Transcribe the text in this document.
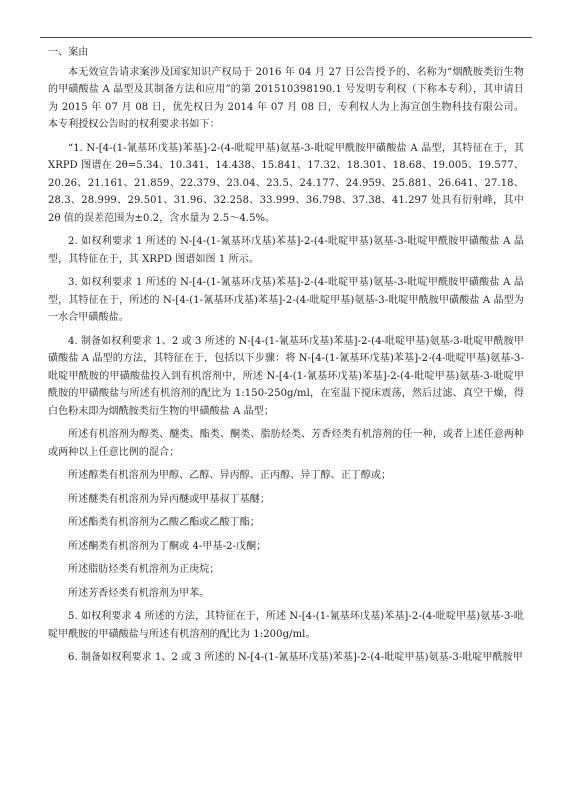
一、案由

本无效宣告请求案涉及国家知识产权局于 2016 年 04 月 27 日公告授予的、名称为“烟酰胺类衍生物的甲磺酸盐 A 晶型及其制备方法和应用”的第 201510398190.1 号发明专利权（下称本专利），其申请日为 2015 年 07 月 08 日，优先权日为 2014 年 07 月 08 日，专利权人为上海宣创生物科技有限公司。本专利授权公告时的权利要求书如下：

“1. N-[4-(1-氰基环戊基)苯基]-2-(4-吡啶甲基)氨基-3-吡啶甲酰胺甲磺酸盐 A 晶型，其特征在于，其 XRPD 图谱在 2θ=5.34、10.341、14.438、15.841、17.32、18.301、18.68、19.005、19.577、20.26、21.161、21.859、22.379、23.04、23.5、24.177、24.959、25.881、26.641、27.18、28.3、28.999、29.501、31.96、32.258、33.999、36.798、37.38、41.297 处具有衍射峰，其中 2θ 值的误差范围为±0.2，含水量为 2.5～4.5%。

2. 如权利要求 1 所述的 N-[4-(1-氰基环戊基)苯基]-2-(4-吡啶甲基)氨基-3-吡啶甲酰胺甲磺酸盐 A 晶型，其特征在于，其 XRPD 图谱如图 1 所示。

3. 如权利要求 1 所述的 N-[4-(1-氰基环戊基)苯基]-2-(4-吡啶甲基)氨基-3-吡啶甲酰胺甲磺酸盐 A 晶型，其特征在于，所述的 N-[4-(1-氰基环戊基)苯基]-2-(4-吡啶甲基)氨基-3-吡啶甲酰胺甲磺酸盐 A 晶型为一水合甲磺酸盐。

4. 制备如权利要求 1、2 或 3 所述的 N-[4-(1-氰基环戊基)苯基]-2-(4-吡啶甲基)氨基-3-吡啶甲酰胺甲磺酸盐 A 晶型的方法，其特征在于，包括以下步骤：将 N-[4-(1-氰基环戊基)苯基]-2-(4-吡啶甲基)氨基-3-吡啶甲酰胺的甲磺酸盐投入到有机溶剂中，所述 N-[4-(1-氰基环戊基)苯基]-2-(4-吡啶甲基)氨基-3-吡啶甲酰胺的甲磺酸盐与所述有机溶剂的配比为 1:150-250g/ml，在室温下搅床震荡，然后过滤、真空干燥，得白色粉末即为烟酰胺类衍生物的甲磺酸盐 A 晶型；

所述有机溶剂为醇类、醚类、酯类、酮类、脂肪烃类、芳香烃类有机溶剂的任一种，或者上述任意两种或两种以上任意比例的混合；

所述醇类有机溶剂为甲醇、乙醇、异丙醇、正丙醇、异丁醇、正丁醇或；

所述醚类有机溶剂为异丙醚或甲基叔丁基醚；

所述酯类有机溶剂为乙酸乙酯或乙酸丁酯；

所述酮类有机溶剂为丁酮或 4-甲基-2-戊酮；

所述脂肪烃类有机溶剂为正庚烷；

所述芳香烃类有机溶剂为甲苯。

5. 如权利要求 4 所述的方法，其特征在于，所述 N-[4-(1-氰基环戊基)苯基]-2-(4-吡啶甲基)氨基-3-吡啶甲酰胺的甲磺酸盐与所述有机溶剂的配比为 1:200g/ml。

6. 制备如权利要求 1、2 或 3 所述的 N-[4-(1-氰基环戊基)苯基]-2-(4-吡啶甲基)氨基-3-吡啶甲酰胺甲
